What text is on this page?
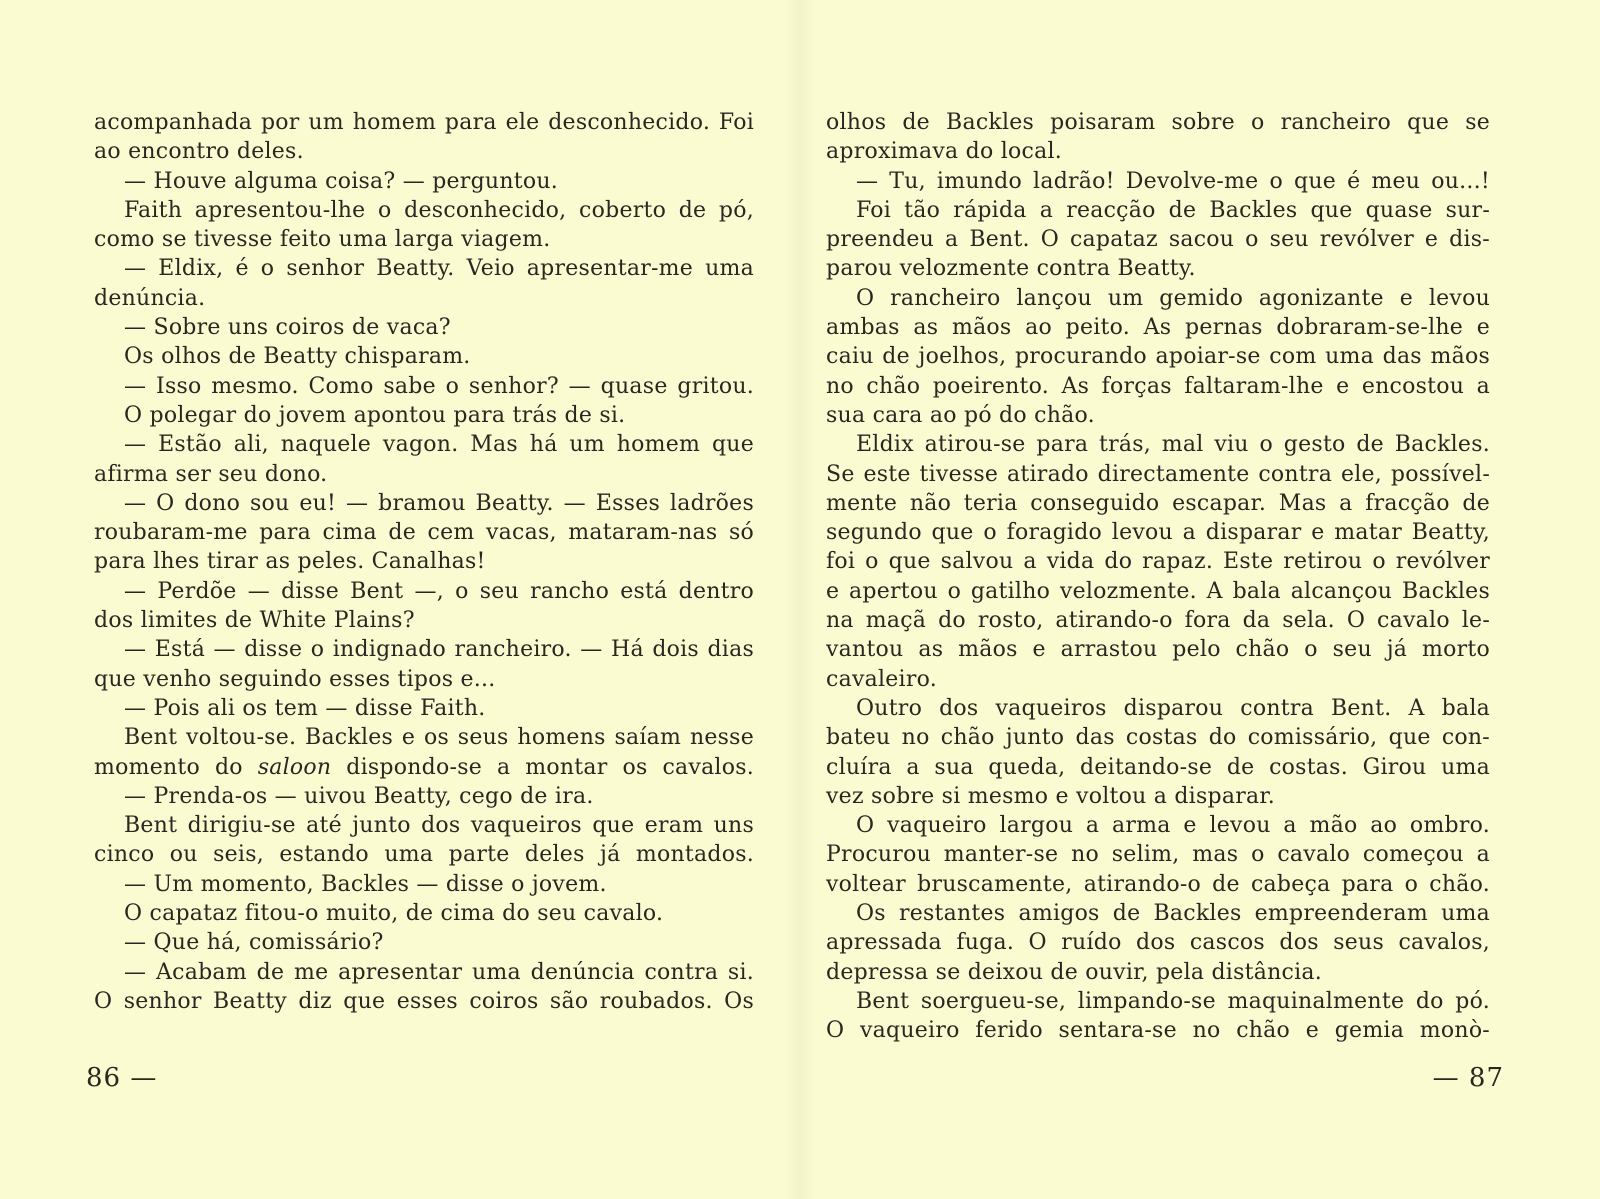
acompanhada por um homem para ele desconhecido. Foi
ao encontro deles.
— Houve alguma coisa? — perguntou.
Faith apresentou-lhe o desconhecido, coberto de pó,
como se tivesse feito uma larga viagem.
— Eldix, é o senhor Beatty. Veio apresentar-me uma
denúncia.
— Sobre uns coiros de vaca?
Os olhos de Beatty chisparam.
— Isso mesmo. Como sabe o senhor? — quase gritou.
O polegar do jovem apontou para trás de si.
— Estão ali, naquele vagon. Mas há um homem que
afirma ser seu dono.
— O dono sou eu! — bramou Beatty. — Esses ladrões
roubaram-me para cima de cem vacas, mataram-nas só
para lhes tirar as peles. Canalhas!
— Perdõe — disse Bent —, o seu rancho está dentro
dos limites de White Plains?
— Está — disse o indignado rancheiro. — Há dois dias
que venho seguindo esses tipos e...
— Pois ali os tem — disse Faith.
Bent voltou-se. Backles e os seus homens saíam nesse
momento do saloon dispondo-se a montar os cavalos.
— Prenda-os — uivou Beatty, cego de ira.
Bent dirigiu-se até junto dos vaqueiros que eram uns
cinco ou seis, estando uma parte deles já montados.
— Um momento, Backles — disse o jovem.
O capataz fitou-o muito, de cima do seu cavalo.
— Que há, comissário?
— Acabam de me apresentar uma denúncia contra si.
O senhor Beatty diz que esses coiros são roubados. Os
86 —
olhos de Backles poisaram sobre o rancheiro que se
aproximava do local.
— Tu, imundo ladrão! Devolve-me o que é meu ou...!
Foi tão rápida a reacção de Backles que quase sur-
preendeu a Bent. O capataz sacou o seu revólver e dis-
parou velozmente contra Beatty.
O rancheiro lançou um gemido agonizante e levou
ambas as mãos ao peito. As pernas dobraram-se-lhe e
caiu de joelhos, procurando apoiar-se com uma das mãos
no chão poeirento. As forças faltaram-lhe e encostou a
sua cara ao pó do chão.
Eldix atirou-se para trás, mal viu o gesto de Backles.
Se este tivesse atirado directamente contra ele, possível-
mente não teria conseguido escapar. Mas a fracção de
segundo que o foragido levou a disparar e matar Beatty,
foi o que salvou a vida do rapaz. Este retirou o revólver
e apertou o gatilho velozmente. A bala alcançou Backles
na maçã do rosto, atirando-o fora da sela. O cavalo le-
vantou as mãos e arrastou pelo chão o seu já morto
cavaleiro.
Outro dos vaqueiros disparou contra Bent. A bala
bateu no chão junto das costas do comissário, que con-
cluíra a sua queda, deitando-se de costas. Girou uma
vez sobre si mesmo e voltou a disparar.
O vaqueiro largou a arma e levou a mão ao ombro.
Procurou manter-se no selim, mas o cavalo começou a
voltear bruscamente, atirando-o de cabeça para o chão.
Os restantes amigos de Backles empreenderam uma
apressada fuga. O ruído dos cascos dos seus cavalos,
depressa se deixou de ouvir, pela distância.
Bent soergueu-se, limpando-se maquinalmente do pó.
O vaqueiro ferido sentara-se no chão e gemia monò-
— 87
